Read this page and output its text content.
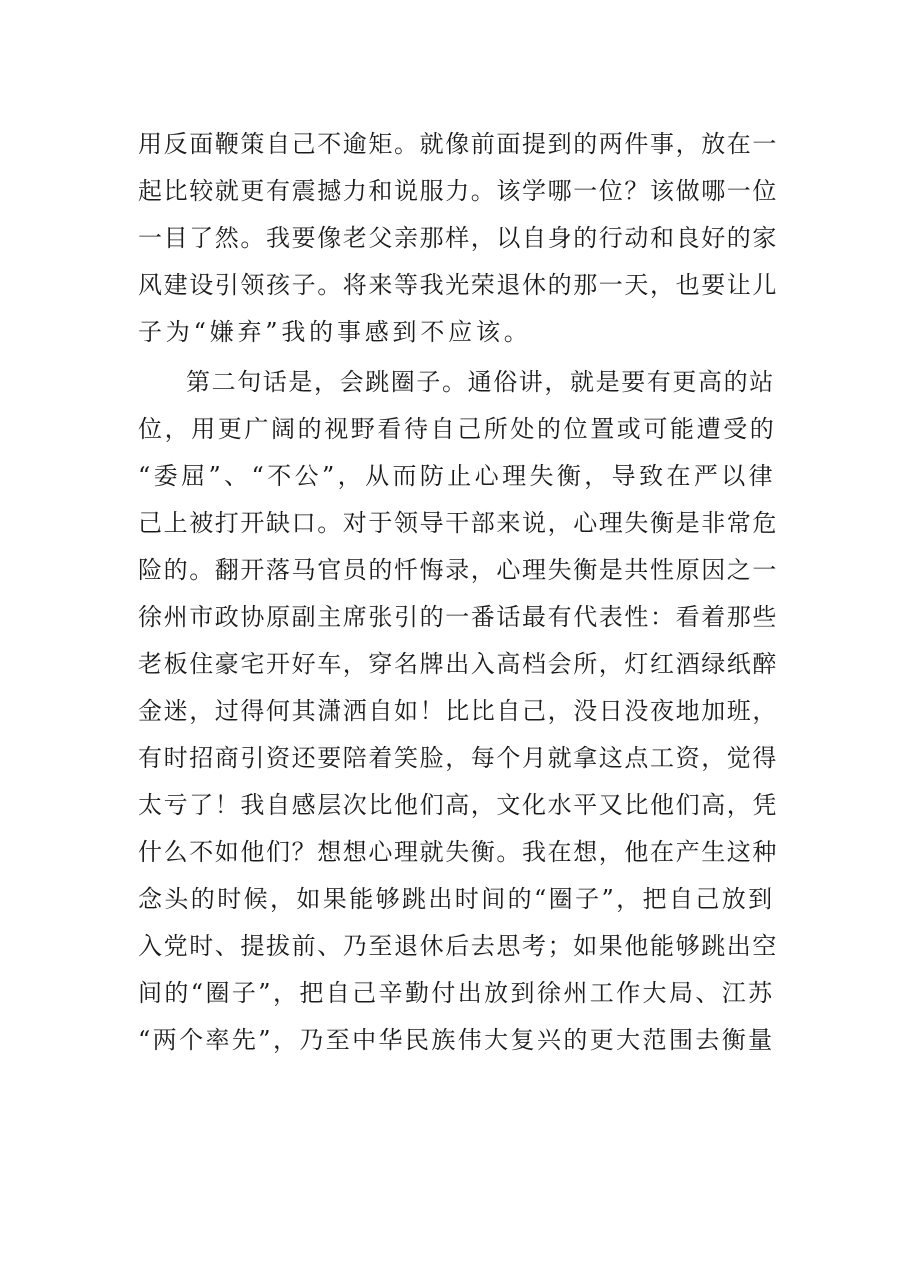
用反面鞭策自己不逾矩。就像前面提到的两件事，放在一
起比较就更有震撼力和说服力。该学哪一位？该做哪一位
一目了然。我要像老父亲那样，以自身的行动和良好的家
风建设引领孩子。将来等我光荣退休的那一天，也要让儿
子为“嫌弃”我的事感到不应该。
第二句话是，会跳圈子。通俗讲，就是要有更高的站
位，用更广阔的视野看待自己所处的位置或可能遭受的
“委屈”、“不公”，从而防止心理失衡，导致在严以律
己上被打开缺口。对于领导干部来说，心理失衡是非常危
险的。翻开落马官员的忏悔录，心理失衡是共性原因之一
徐州市政协原副主席张引的一番话最有代表性：看着那些
老板住豪宅开好车，穿名牌出入高档会所，灯红酒绿纸醉
金迷，过得何其潇洒自如！比比自己，没日没夜地加班，
有时招商引资还要陪着笑脸，每个月就拿这点工资，觉得
太亏了！我自感层次比他们高，文化水平又比他们高，凭
什么不如他们？想想心理就失衡。我在想，他在产生这种
念头的时候，如果能够跳出时间的“圈子”，把自己放到
入党时、提拔前、乃至退休后去思考；如果他能够跳出空
间的“圈子”，把自己辛勤付出放到徐州工作大局、江苏
“两个率先”，乃至中华民族伟大复兴的更大范围去衡量
